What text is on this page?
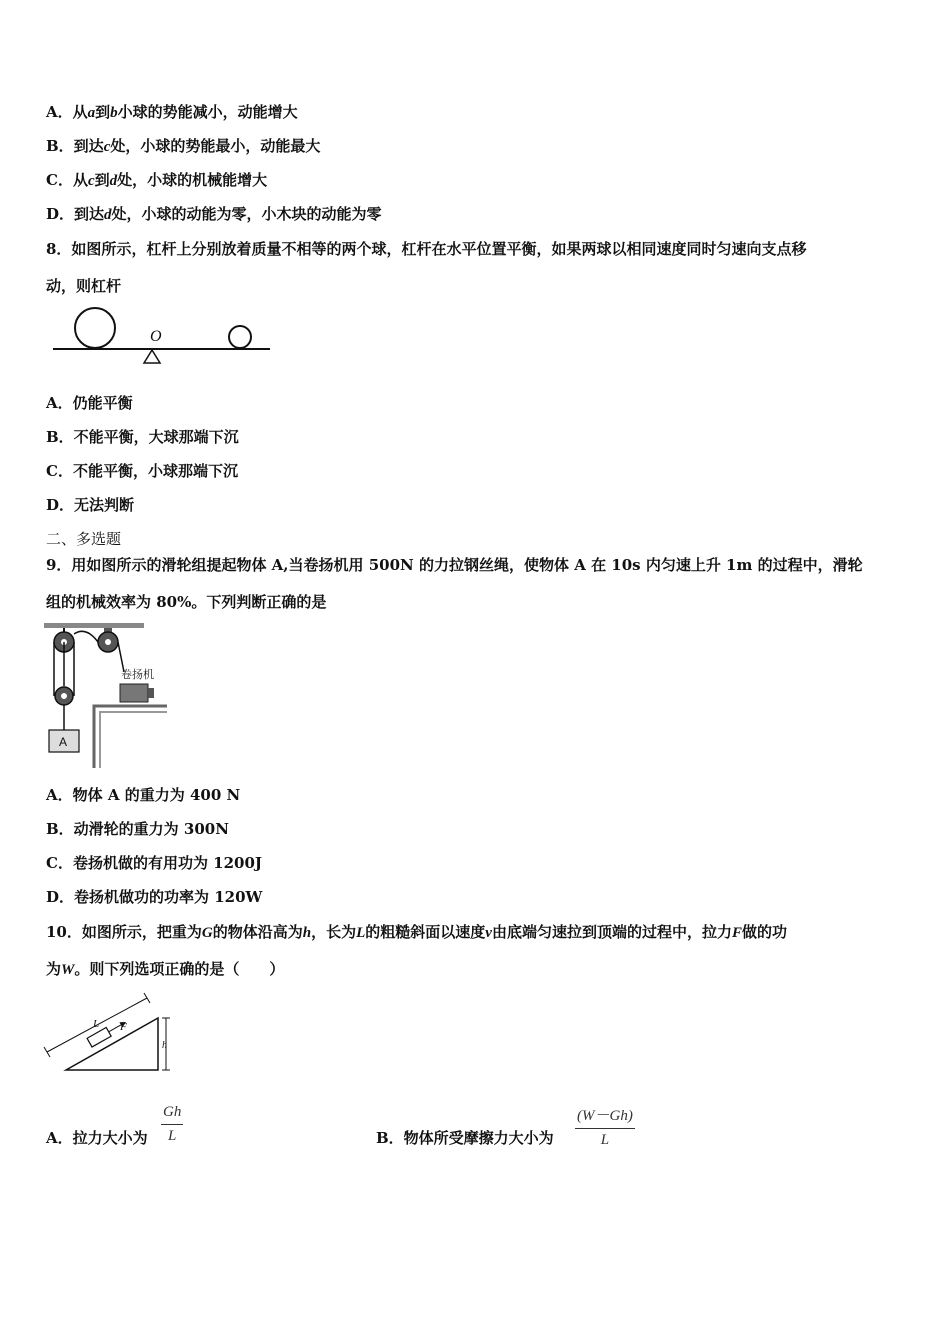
A．从a到b小球的势能减小，动能增大
B．到达c处，小球的势能最小，动能最大
C．从c到d处，小球的机械能增大
D．到达d处，小球的动能为零，小木块的动能为零
8．如图所示，杠杆上分别放着质量不相等的两个球，杠杆在水平位置平衡，如果两球以相同速度同时匀速向支点移
动，则杠杆
O
A．仍能平衡
B．不能平衡，大球那端下沉
C．不能平衡，小球那端下沉
D．无法判断
二、多选题
9．用如图所示的滑轮组提起物体 A,当卷扬机用 500N 的力拉钢丝绳，使物体 A 在 10s 内匀速上升 1m 的过程中，滑轮
组的机械效率为 80%。下列判断正确的是
A
卷扬机
A．物体 A 的重力为 400 N
B．动滑轮的重力为 300N
C．卷扬机做的有用功为 1200J
D．卷扬机做功的功率为 120W
10．如图所示，把重为G的物体沿高为h，长为L的粗糙斜面以速度v由底端匀速拉到顶端的过程中，拉力F做的功
为W。则下列选项正确的是（　　）
L F
h
A．拉力大小为 $\frac{Gh}{L}$	B．物体所受摩擦力大小为 $\frac{(W-Gh)}{L}$
